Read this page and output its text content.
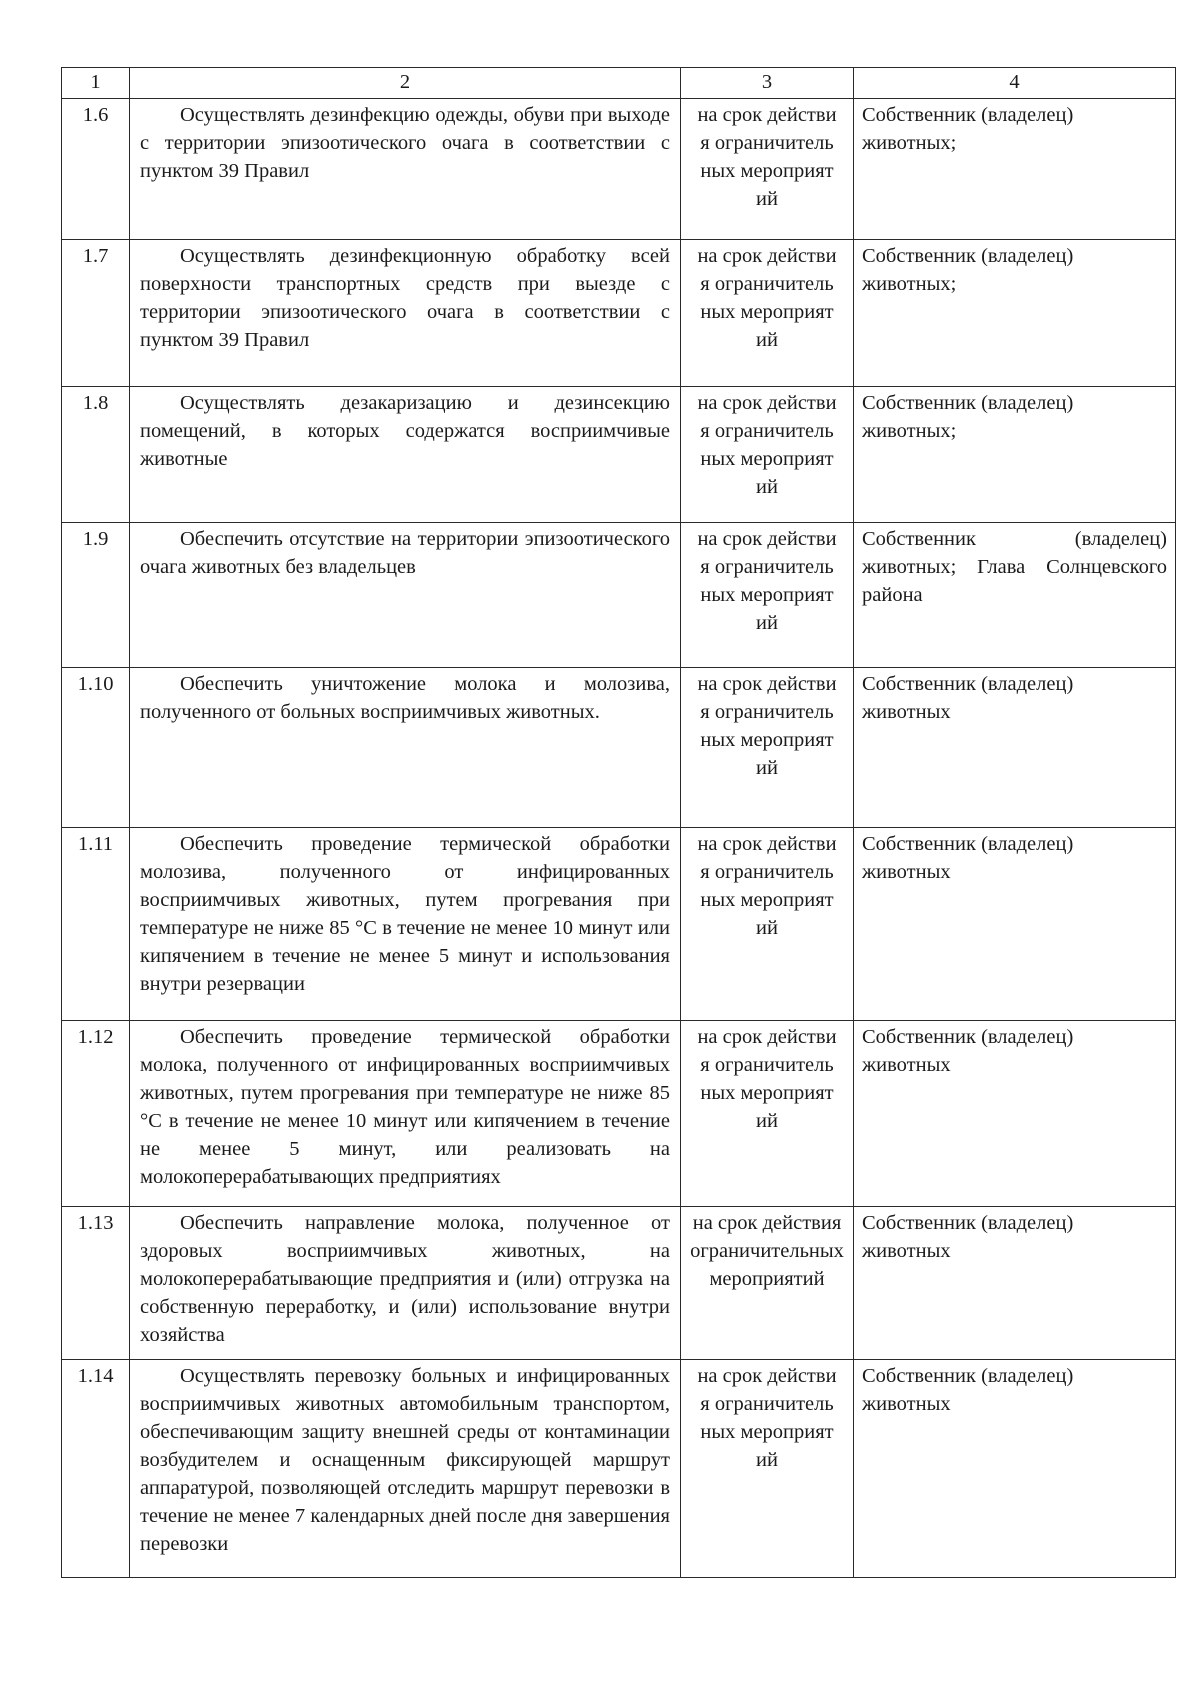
1	2	3	4
1.6	Осуществлять дезинфекцию одежды, обуви при выходе с территории эпизоотического очага в соответствии с пунктом 39 Правил	на срок действия ограничительных мероприятий	Собственник (владелец) животных;

1.7	Осуществлять дезинфекционную обработку всей поверхности транспортных средств при выезде с территории эпизоотического очага в соответствии с пунктом 39 Правил	на срок действия ограничительных мероприятий	Собственник (владелец) животных;

1.8	Осуществлять дезакаризацию и дезинсекцию помещений, в которых содержатся восприимчивые животные	на срок действия ограничительных мероприятий	Собственник (владелец) животных;

1.9	Обеспечить отсутствие на территории эпизоотического очага животных без владельцев	на срок действия ограничительных мероприятий	Собственник (владелец) животных; Глава Солнцевского района

1.10	Обеспечить уничтожение молока и молозива, полученного от больных восприимчивых животных.	на срок действия ограничительных мероприятий	Собственник (владелец) животных

1.11	Обеспечить проведение термической обработки молозива, полученного от инфицированных восприимчивых животных, путем прогревания при температуре не ниже 85 °С в течение не менее 10 минут или кипячением в течение не менее 5 минут и использования внутри резервации	на срок действия ограничительных мероприятий	Собственник (владелец) животных

1.12	Обеспечить проведение термической обработки молока, полученного от инфицированных восприимчивых животных, путем прогревания при температуре не ниже 85 °С в течение не менее 10 минут или кипячением в течение не менее 5 минут, или реализовать на молокоперерабатывающих предприятиях	на срок действия ограничительных мероприятий	Собственник (владелец) животных

1.13	Обеспечить направление молока, полученное от здоровых восприимчивых животных, на молокоперерабатывающие предприятия и (или) отгрузка на собственную переработку, и (или) использование внутри хозяйства	на срок действия ограничительных мероприятий	Собственник (владелец) животных

1.14	Осуществлять перевозку больных и инфицированных восприимчивых животных автомобильным транспортом, обеспечивающим защиту внешней среды от контаминации возбудителем и оснащенным фиксирующей маршрут аппаратурой, позволяющей отследить маршрут перевозки в течение не менее 7 календарных дней после дня завершения перевозки	на срок действия ограничительных мероприятий	Собственник (владелец) животных
